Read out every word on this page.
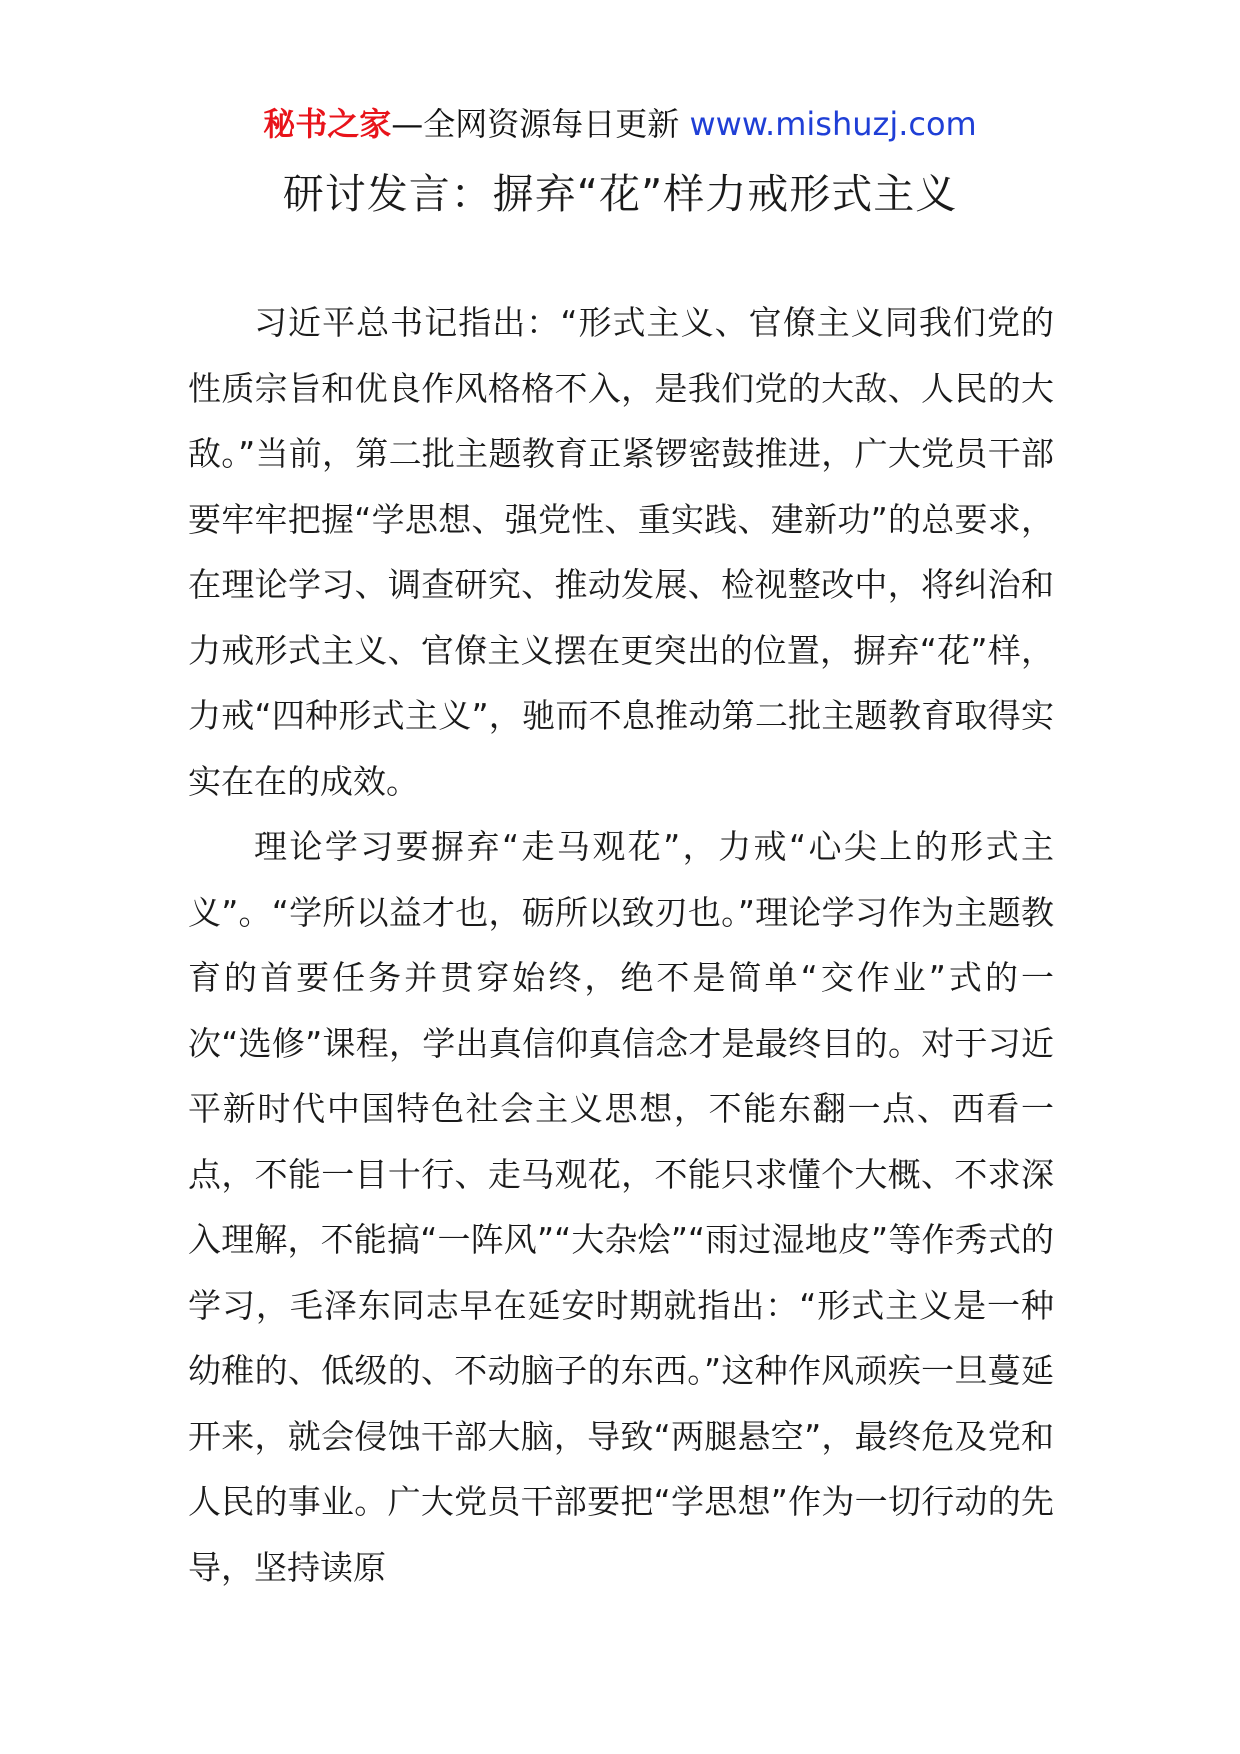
秘书之家—全网资源每日更新 www.mishuzj.com
研讨发言：摒弃“花”样力戒形式主义

习近平总书记指出：“形式主义、官僚主义同我们党的性质宗旨和优良作风格格不入，是我们党的大敌、人民的大敌。”当前，第二批主题教育正紧锣密鼓推进，广大党员干部要牢牢把握“学思想、强党性、重实践、建新功”的总要求，在理论学习、调查研究、推动发展、检视整改中，将纠治和力戒形式主义、官僚主义摆在更突出的位置，摒弃“花”样，力戒“四种形式主义”，驰而不息推动第二批主题教育取得实实在在的成效。

理论学习要摒弃“走马观花”，力戒“心尖上的形式主义”。“学所以益才也，砺所以致刃也。”理论学习作为主题教育的首要任务并贯穿始终，绝不是简单“交作业”式的一次“选修”课程，学出真信仰真信念才是最终目的。对于习近平新时代中国特色社会主义思想，不能东翻一点、西看一点，不能一目十行、走马观花，不能只求懂个大概、不求深入理解，不能搞“一阵风”“大杂烩”“雨过湿地皮”等作秀式的学习，毛泽东同志早在延安时期就指出：“形式主义是一种幼稚的、低级的、不动脑子的东西。”这种作风顽疾一旦蔓延开来，就会侵蚀干部大脑，导致“两腿悬空”，最终危及党和人民的事业。广大党员干部要把“学思想”作为一切行动的先导，坚持读原
